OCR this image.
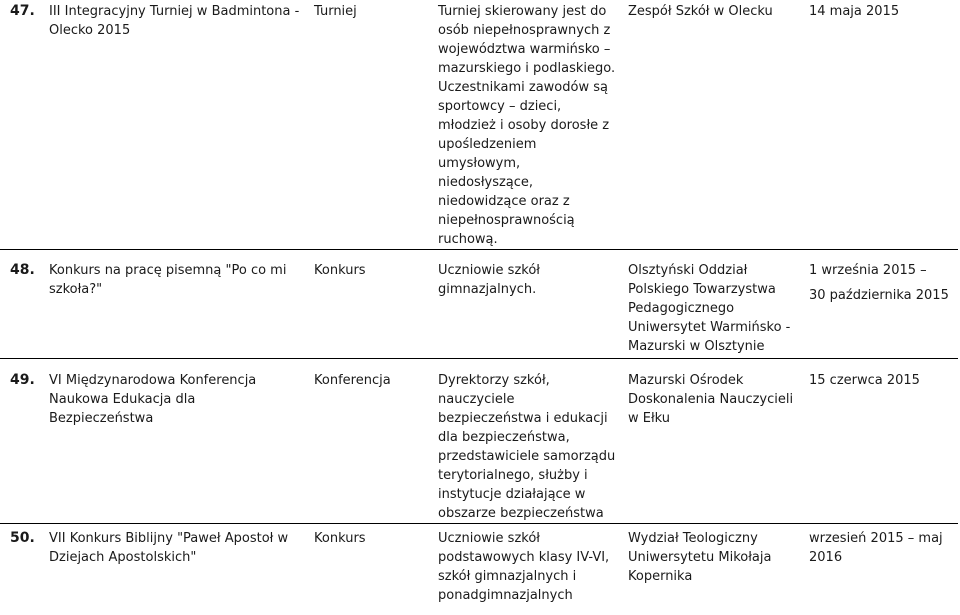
47.	III Integracyjny Turniej w Badmintona - Olecko 2015	Turniej	Turniej skierowany jest do osób niepełnosprawnych z województwa warmińsko – mazurskiego i podlaskiego. Uczestnikami zawodów są sportowcy – dzieci, młodzież i osoby dorosłe z upośledzeniem umysłowym, niedosłyszące, niedowidzące oraz z niepełnosprawnością ruchową.	Zespół Szkół w Olecku	14 maja 2015
48.	Konkurs na pracę pisemną "Po co mi szkoła?"	Konkurs	Uczniowie szkół gimnazjalnych.	Olsztyński Oddział Polskiego Towarzystwa Pedagogicznego Uniwersytet Warmińsko - Mazurski w Olsztynie	1 września 2015 –
30 października 2015

49.	VI Międzynarodowa Konferencja Naukowa Edukacja dla Bezpieczeństwa	Konferencja	Dyrektorzy szkół, nauczyciele bezpieczeństwa i edukacji dla bezpieczeństwa, przedstawiciele samorządu terytorialnego, służby i instytucje działające w obszarze bezpieczeństwa	Mazurski Ośrodek Doskonalenia Nauczycieli w Ełku	15 czerwca 2015
50.	VII Konkurs Biblijny "Paweł Apostoł w Dziejach Apostolskich"	Konkurs	Uczniowie szkół podstawowych klasy IV-VI, szkół gimnazjalnych i ponadgimnazjalnych	Wydział Teologiczny Uniwersytetu Mikołaja Kopernika	wrzesień 2015 – maj 2016
